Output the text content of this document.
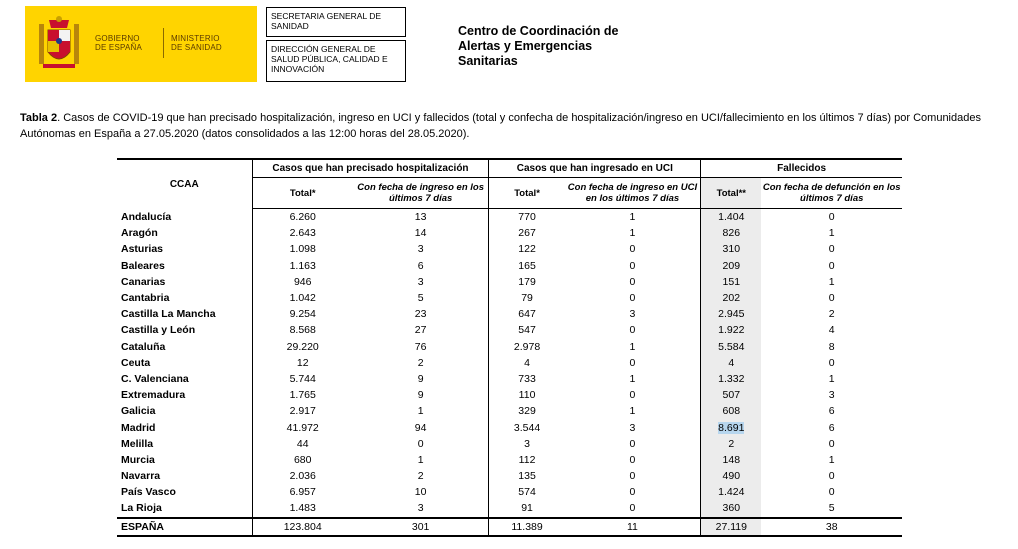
GOBIERNO
DE ESPAÑA
MINISTERIO
DE SANIDAD
SECRETARIA GENERAL DE SANIDAD
DIRECCIÓN GENERAL DE SALUD PÚBLICA, CALIDAD E INNOVACIÓN
Centro de Coordinación de
Alertas y Emergencias
Sanitarias
Tabla 2. Casos de COVID-19 que han precisado hospitalización, ingreso en UCI y fallecidos (total y confecha de hospitalización/ingreso en UCI/fallecimiento en los últimos 7 días) por Comunidades Autónomas en España a 27.05.2020 (datos consolidados a las 12:00 horas del 28.05.2020).
CCAA	Casos que han precisado hospitalización		Casos que han ingresado en UCI		Fallecidos	
	Total*	Con fecha de ingreso en los últimos 7 días	Total*	Con fecha de ingreso en UCI en los últimos 7 días	Total**	Con fecha de defunción en los últimos 7 días
Andalucía	6.260	13	770	1	1.404	0
Aragón	2.643	14	267	1	826	1
Asturias	1.098	3	122	0	310	0
Baleares	1.163	6	165	0	209	0
Canarias	946	3	179	0	151	1
Cantabria	1.042	5	79	0	202	0
Castilla La Mancha	9.254	23	647	3	2.945	2
Castilla y León	8.568	27	547	0	1.922	4
Cataluña	29.220	76	2.978	1	5.584	8
Ceuta	12	2	4	0	4	0
C. Valenciana	5.744	9	733	1	1.332	1
Extremadura	1.765	9	110	0	507	3
Galicia	2.917	1	329	1	608	6
Madrid	41.972	94	3.544	3	8.691	6
Melilla	44	0	3	0	2	0
Murcia	680	1	112	0	148	1
Navarra	2.036	2	135	0	490	0
País Vasco	6.957	10	574	0	1.424	0
La Rioja	1.483	3	91	0	360	5
ESPAÑA	123.804	301	11.389	11	27.119	38
